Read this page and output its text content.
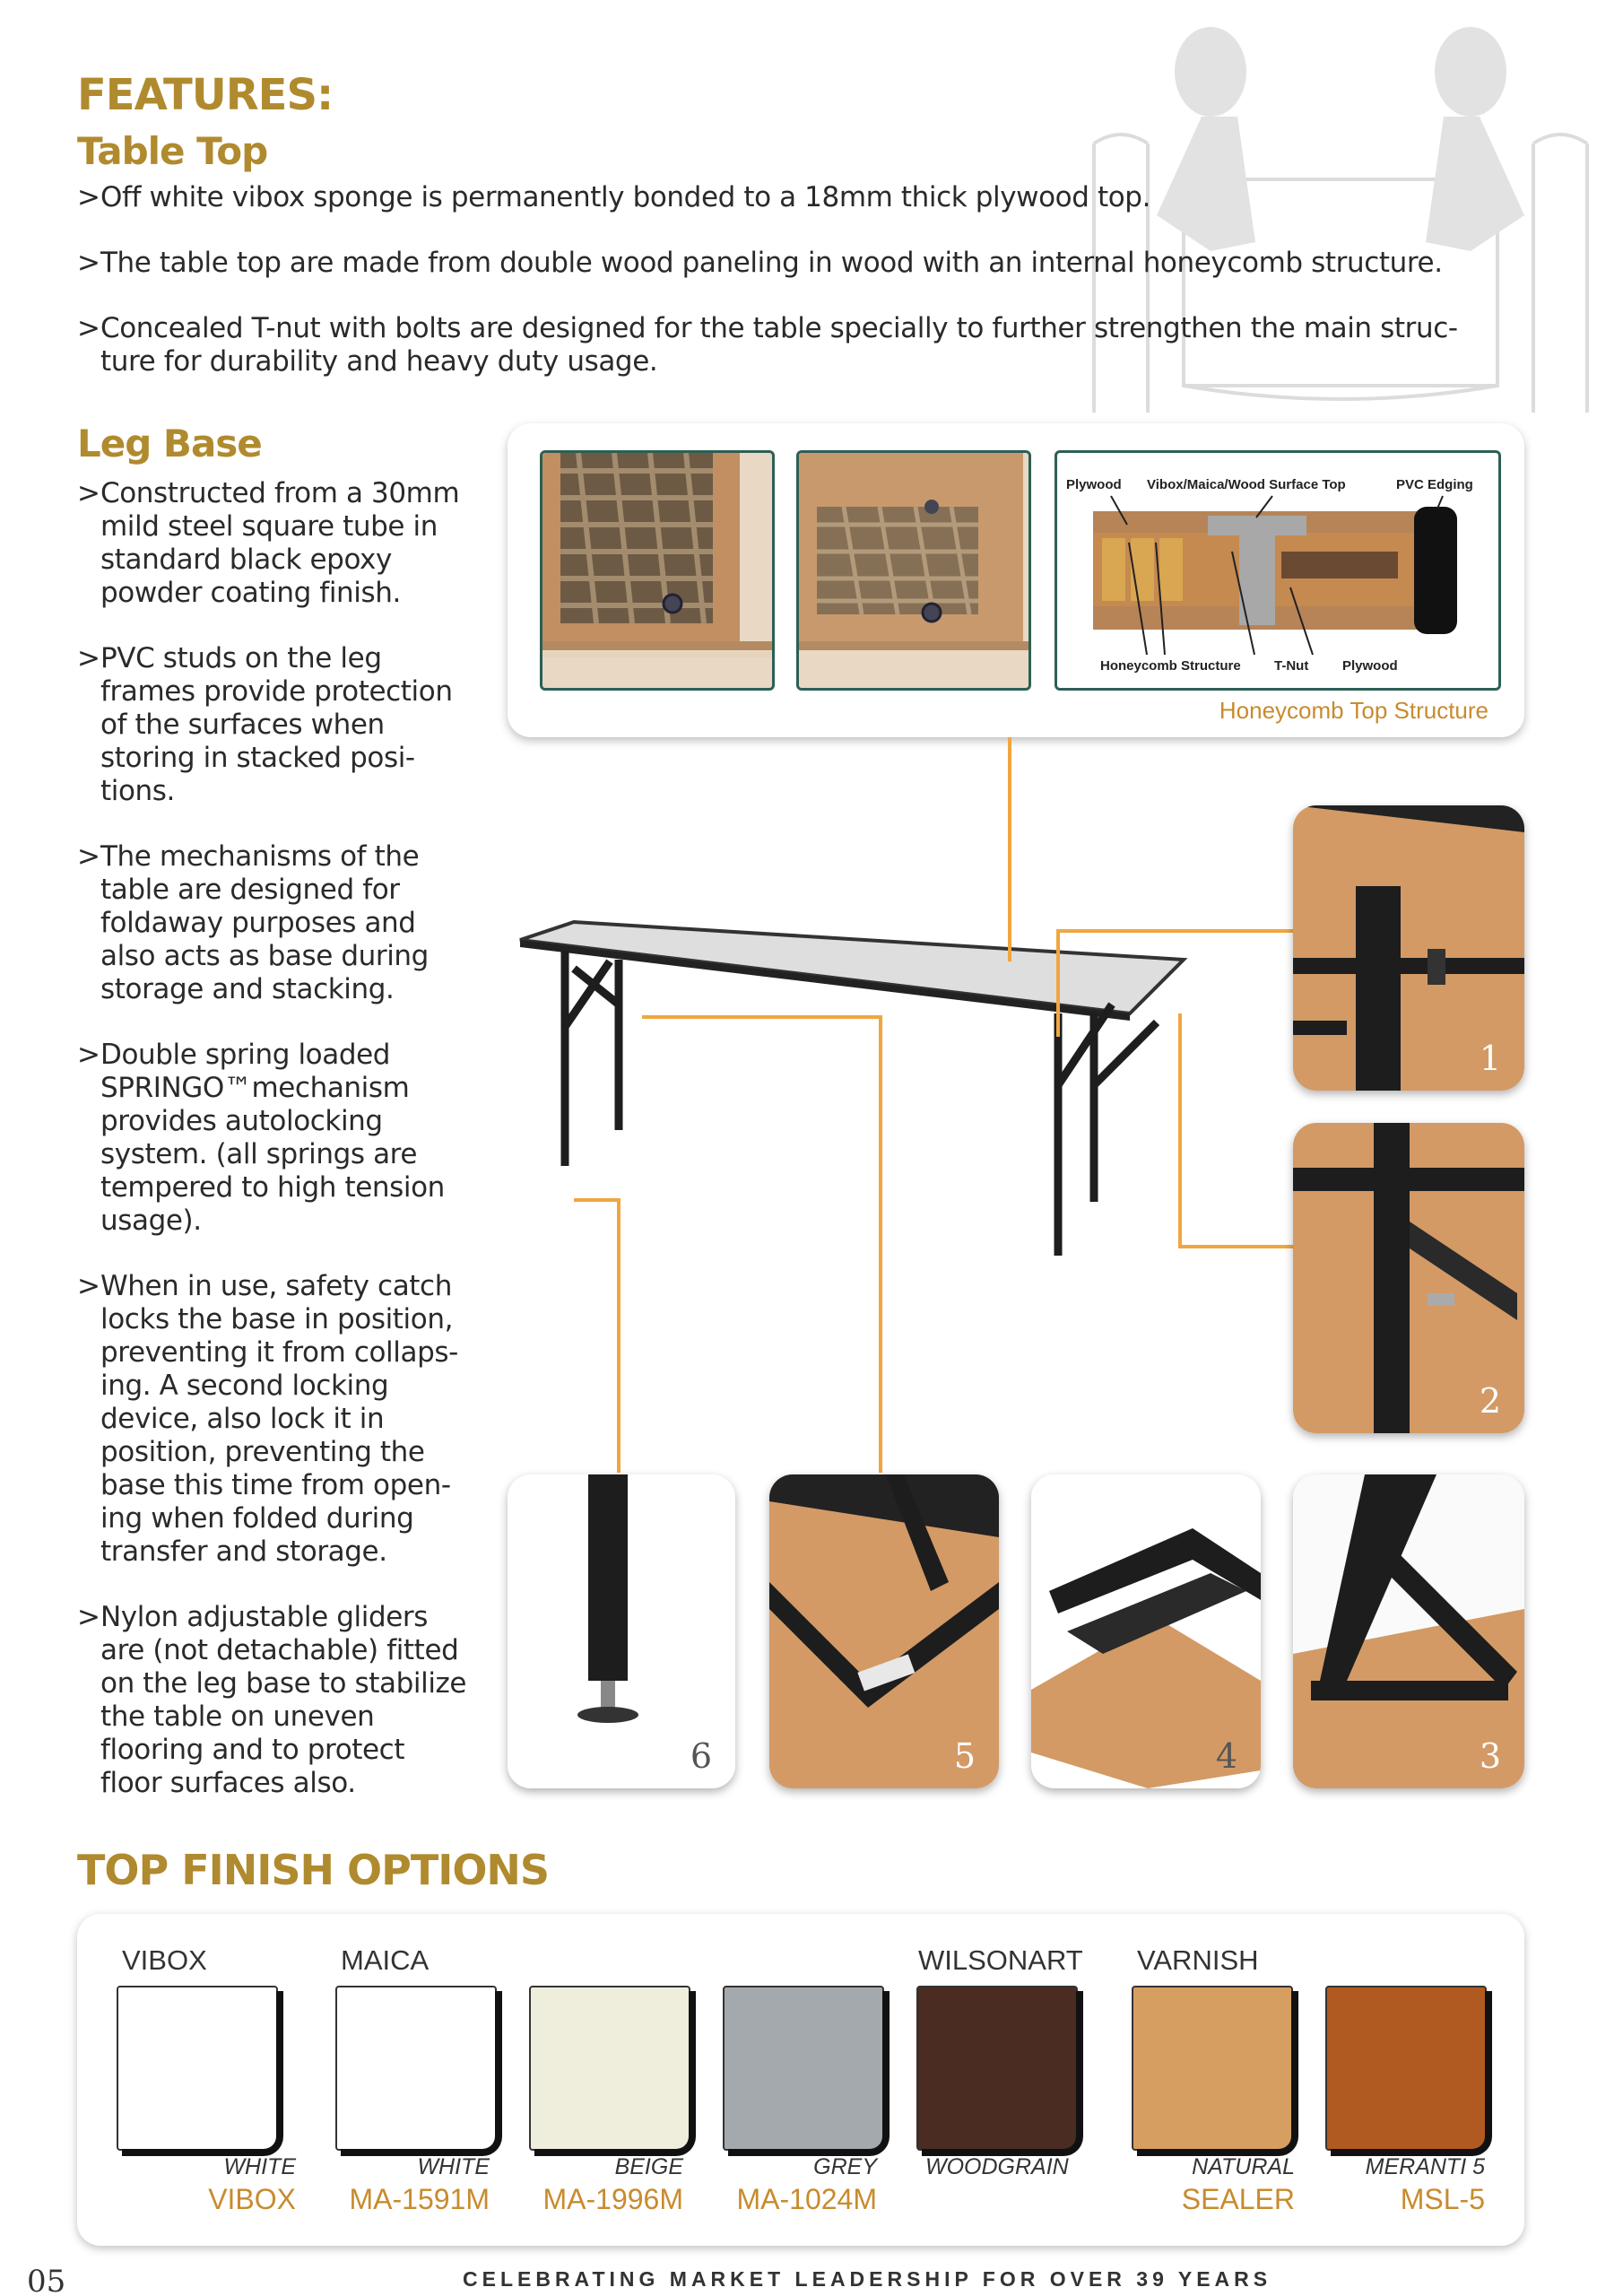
FEATURES:
Table Top
> Off white vibox sponge is permanently bonded to a 18mm thick plywood top.
> The table top are made from double wood paneling in wood with an internal honeycomb structure.
> Concealed T-nut with bolts are designed for the table specially to further strengthen the main struc-ture for durability and heavy duty usage.
Leg Base
> Constructed from a 30mm mild steel square tube in standard black epoxy powder coating finish.
> PVC studs on the leg frames provide protection of the surfaces when storing in stacked posi-tions.
> The mechanisms of the table are designed for foldaway purposes and also acts as base during storage and stacking.
> Double spring loaded SPRINGO™mechanism provides autolocking system. (all springs are tempered to high tension usage).
> When in use, safety catch locks the base in position, preventing it from collaps-ing. A second locking device, also lock it in position, preventing the base this time from open-ing when folded during transfer and storage.
> Nylon adjustable gliders are (not detachable) fitted on the leg base to stabilize the table on uneven flooring and to protect floor surfaces also.
Plywood Vibox/Maica/Wood Surface Top	PVC Edging
Honeycomb Structure T-Nut	Plywood
Honeycomb Top Structure
1
2
3
4
5
6
TOP FINISH OPTIONS
VIBOX	MAICA	WILSONART VARNISH
WHITE
VIBOX
WHITE
MA-1591M
BEIGE
MA-1996M
GREY
MA-1024M
WOODGRAIN	NATURAL
SEALER
MERANTI 5
MSL-5
05	CELEBRATING MARKET LEADERSHIP FOR OVER 39 YEARS
